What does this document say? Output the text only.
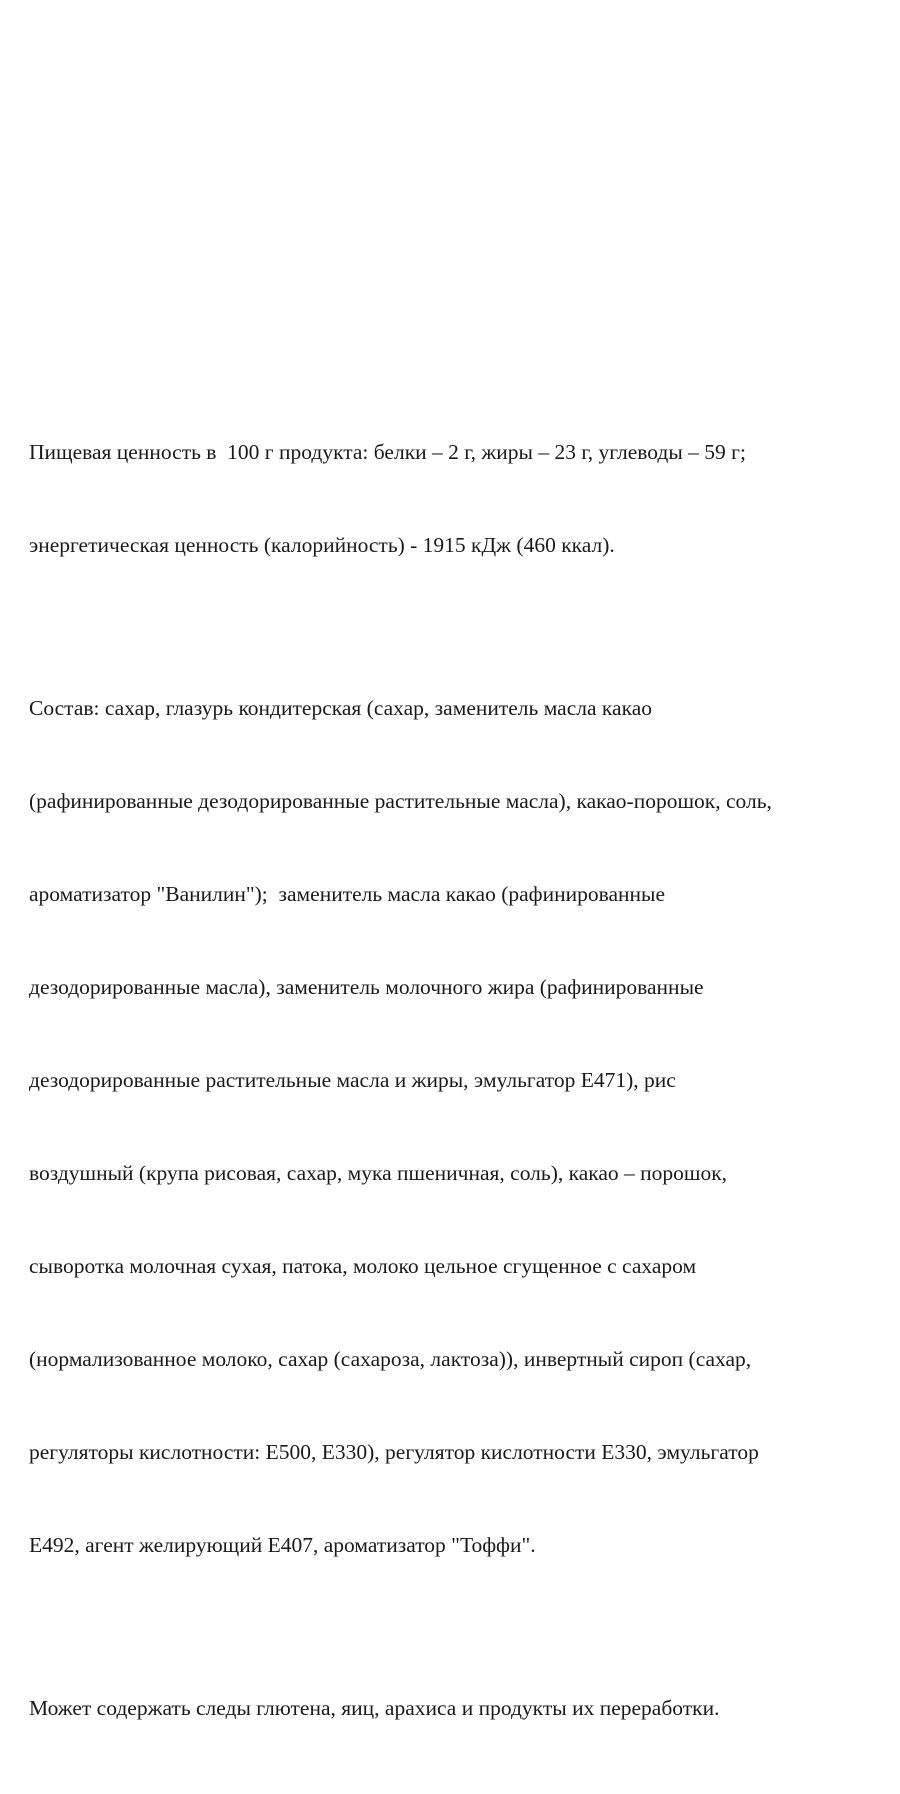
Пищевая ценность в  100 г продукта: белки – 2 г, жиры – 23 г, углеводы – 59 г;

энергетическая ценность (калорийность) - 1915 кДж (460 ккал).

Состав: сахар, глазурь кондитерская (сахар, заменитель масла какао

(рафинированные дезодорированные растительные масла), какао-порошок, соль,

ароматизатор "Ванилин");  заменитель масла какао (рафинированные

дезодорированные масла), заменитель молочного жира (рафинированные

дезодорированные растительные масла и жиры, эмульгатор Е471), рис

воздушный (крупа рисовая, сахар, мука пшеничная, соль), какао – порошок,

сыворотка молочная сухая, патока, молоко цельное сгущенное с сахаром

(нормализованное молоко, сахар (сахароза, лактоза)), инвертный сироп (сахар,

регуляторы кислотности: Е500, Е330), регулятор кислотности Е330, эмульгатор

Е492, агент желирующий Е407, ароматизатор "Тоффи".

Может содержать следы глютена, яиц, арахиса и продукты их переработки.
